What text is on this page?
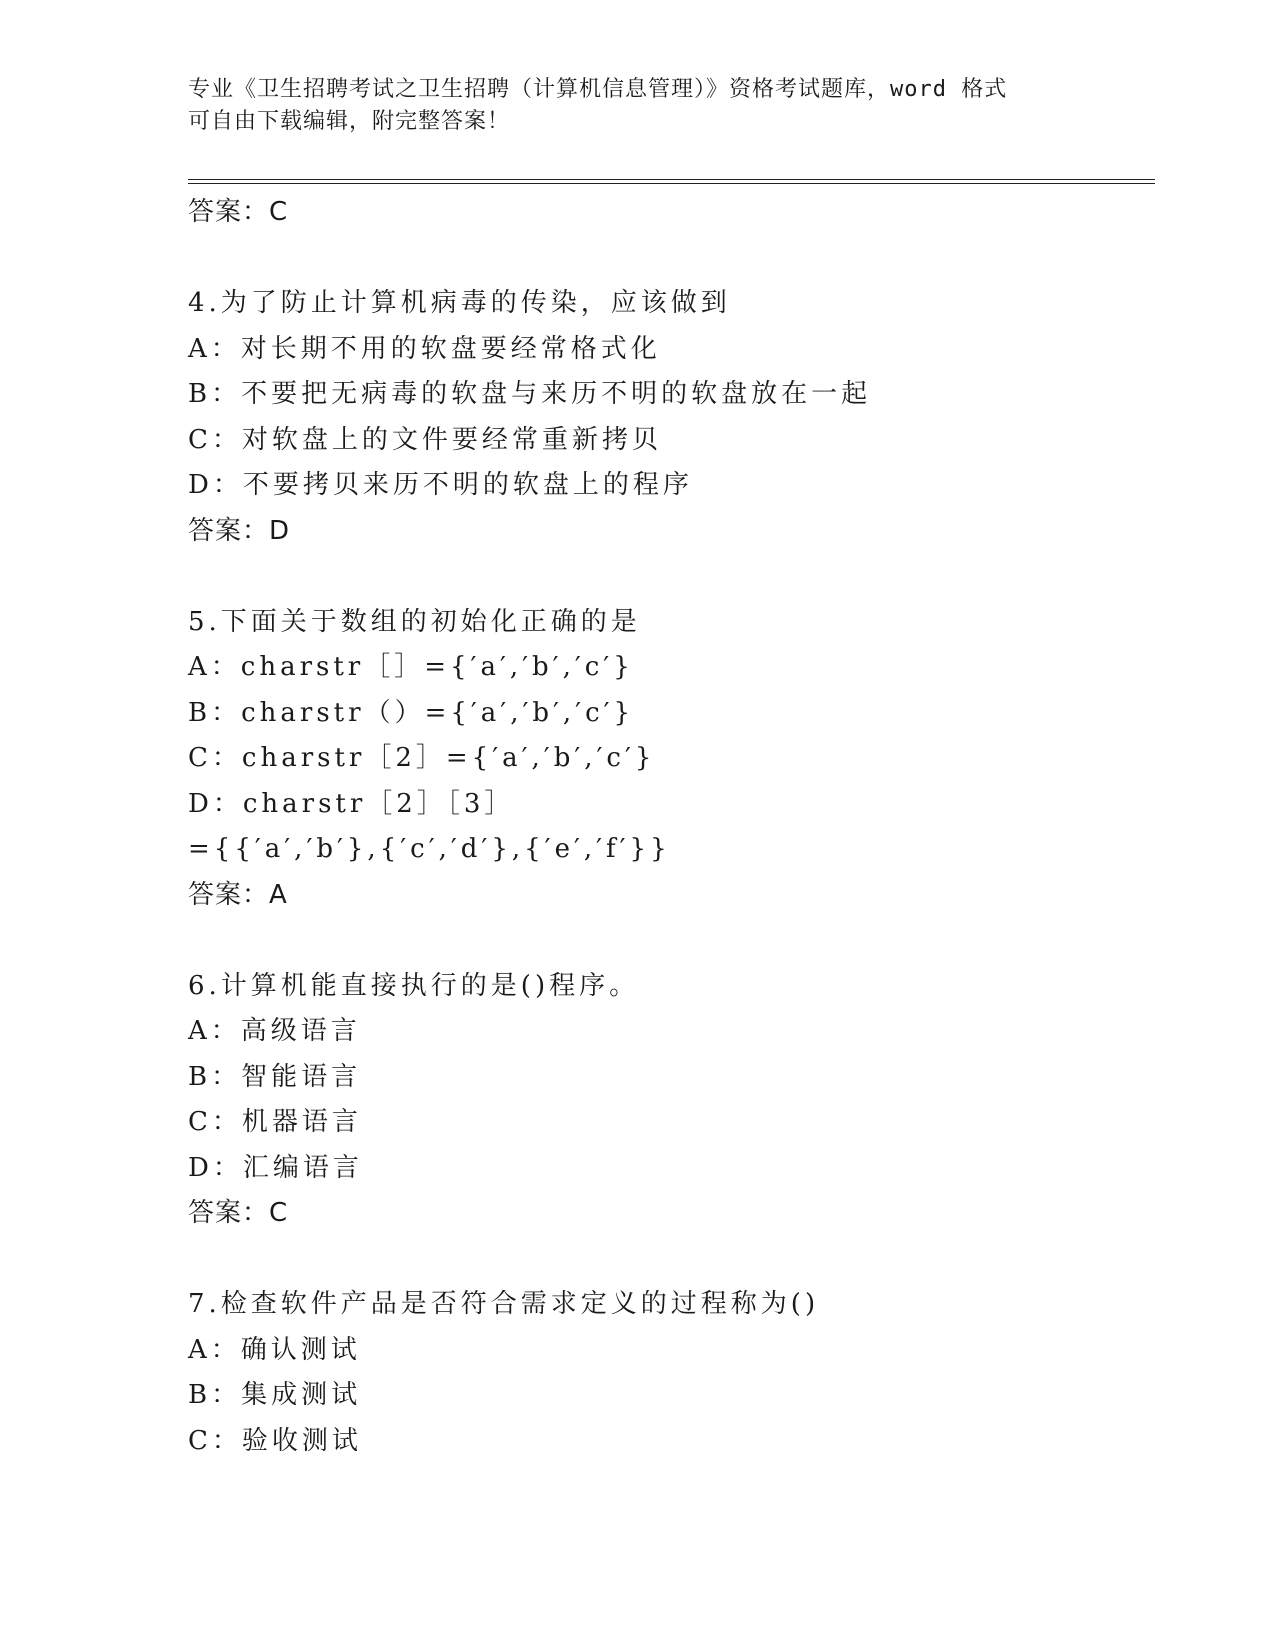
专业《卫生招聘考试之卫生招聘（计算机信息管理）》资格考试题库，word 格式
可自由下载编辑，附完整答案！
答案：C
4.为了防止计算机病毒的传染，应该做到
A：对长期不用的软盘要经常格式化
B：不要把无病毒的软盘与来历不明的软盘放在一起
C：对软盘上的文件要经常重新拷贝
D：不要拷贝来历不明的软盘上的程序
答案：D
5.下面关于数组的初始化正确的是
A：charstr［］={′a′,′b′,′c′}
B：charstr（）={′a′,′b′,′c′}
C：charstr［2］={′a′,′b′,′c′}
D：charstr［2］［3］
={{′a′,′b′},{′c′,′d′},{′e′,′f′}}
答案：A
6.计算机能直接执行的是()程序。
A：高级语言
B：智能语言
C：机器语言
D：汇编语言
答案：C
7.检查软件产品是否符合需求定义的过程称为()
A：确认测试
B：集成测试
C：验收测试
